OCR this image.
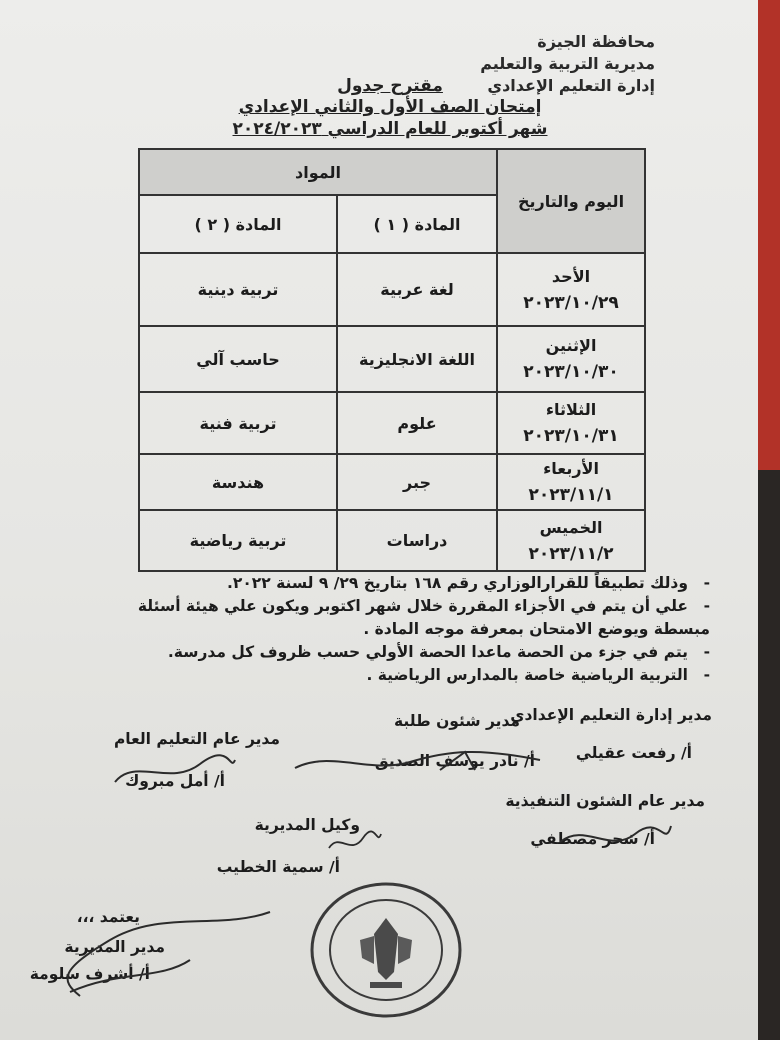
محافظة الجيزة
مديرية التربية والتعليم
إدارة التعليم الإعدادي
مقترح جدول
إمتحان الصف الأول والثاني الإعدادي
شهر أكتوبر للعام الدراسي ٢٠٢٤/٢٠٢٣
اليوم والتاريخ	المواد	
	المادة ( ١ )	المادة ( ٢ )

الأحد
٢٠٢٣/١٠/٢٩	لغة عربية	تربية دينية

الإثنين
٢٠٢٣/١٠/٣٠	اللغة الانجليزية	حاسب آلي

الثلاثاء
٢٠٢٣/١٠/٣١	علوم	تربية فنية

الأربعاء
٢٠٢٣/١١/١	جبر	هندسة

الخميس
٢٠٢٣/١١/٢	دراسات	تربية رياضية
- وذلك تطبيقاً للقرارالوزاري رقم ١٦٨ بتاريخ ٢٩/ ٩ لسنة ٢٠٢٢.
- علي أن يتم في الأجزاء المقررة خلال شهر اكتوبر ويكون علي هيئة أسئلة
مبسطة ويوضع الامتحان بمعرفة موجه المادة .
- يتم في جزء من الحصة ماعدا الحصة الأولي حسب ظروف كل مدرسة.
- التربية الرياضية خاصة بالمدارس الرياضية .
مدير إدارة التعليم الإعدادي
أ/ رفعت عقيلي
مدير شئون طلبة
أ/ نادر يوسف الصديق
مدير عام التعليم العام
أ/ أمل مبروك
مدير عام الشئون التنفيذية
أ/ شحر مصطفي
وكيل المديرية
أ/ سمية الخطيب
يعتمد ،،،
مدير المديرية
أ/ أشرف سلومة
